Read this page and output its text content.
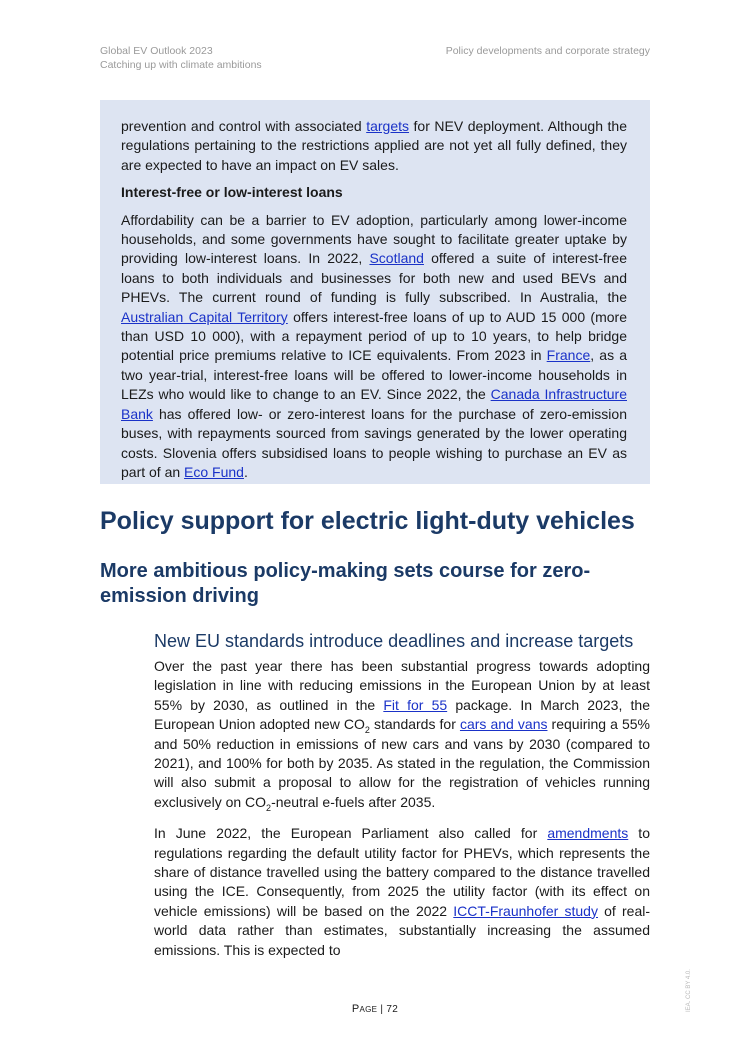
Global EV Outlook 2023
Catching up with climate ambitions
Policy developments and corporate strategy

prevention and control with associated targets for NEV deployment. Although the regulations pertaining to the restrictions applied are not yet all fully defined, they are expected to have an impact on EV sales.

Interest-free or low-interest loans

Affordability can be a barrier to EV adoption, particularly among lower-income households, and some governments have sought to facilitate greater uptake by providing low-interest loans. In 2022, Scotland offered a suite of interest-free loans to both individuals and businesses for both new and used BEVs and PHEVs. The current round of funding is fully subscribed. In Australia, the Australian Capital Territory offers interest-free loans of up to AUD 15 000 (more than USD 10 000), with a repayment period of up to 10 years, to help bridge potential price premiums relative to ICE equivalents. From 2023 in France, as a two year-trial, interest-free loans will be offered to lower-income households in LEZs who would like to change to an EV. Since 2022, the Canada Infrastructure Bank has offered low- or zero-interest loans for the purchase of zero-emission buses, with repayments sourced from savings generated by the lower operating costs. Slovenia offers subsidised loans to people wishing to purchase an EV as part of an Eco Fund.

Policy support for electric light-duty vehicles
More ambitious policy-making sets course for zero-emission driving
New EU standards introduce deadlines and increase targets

Over the past year there has been substantial progress towards adopting legislation in line with reducing emissions in the European Union by at least 55% by 2030, as outlined in the Fit for 55 package. In March 2023, the European Union adopted new $CO_2$ standards for cars and vans requiring a 55% and 50% reduction in emissions of new cars and vans by 2030 (compared to 2021), and 100% for both by 2035. As stated in the regulation, the Commission will also submit a proposal to allow for the registration of vehicles running exclusively on $CO_2$-neutral e-fuels after 2035.

In June 2022, the European Parliament also called for amendments to regulations regarding the default utility factor for PHEVs, which represents the share of distance travelled using the battery compared to the distance travelled using the ICE. Consequently, from 2025 the utility factor (with its effect on vehicle emissions) will be based on the 2022 ICCT-Fraunhofer study of real-world data rather than estimates, substantially increasing the assumed emissions. This is expected to

Page | 72	IEA. CC BY 4.0.
